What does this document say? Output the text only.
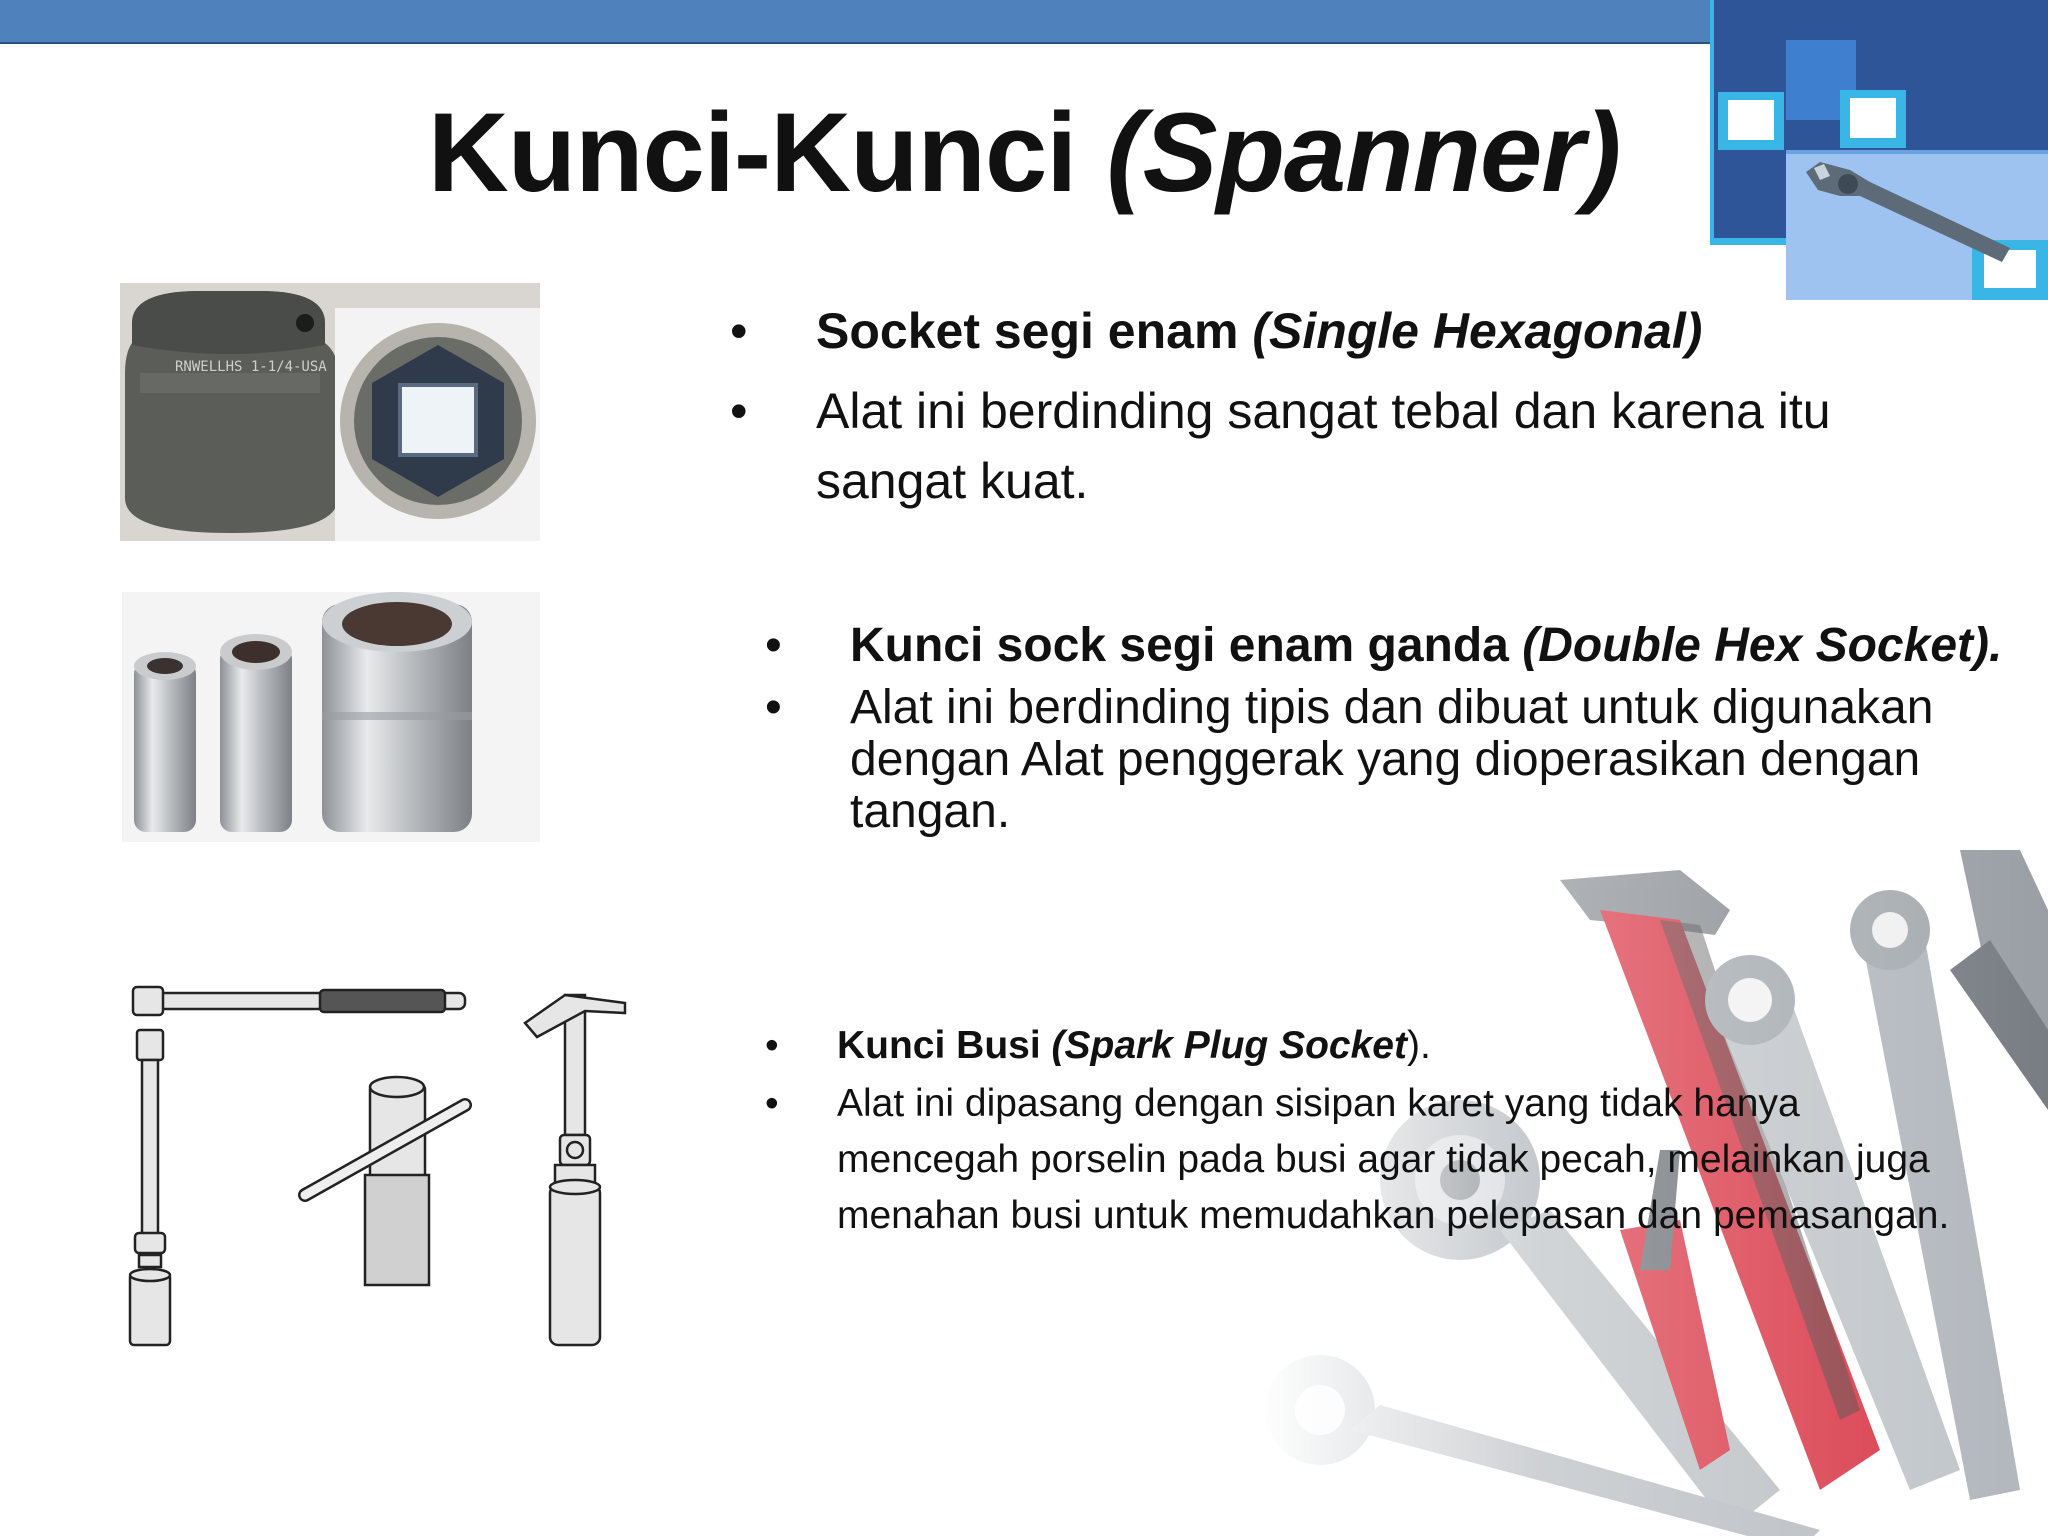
Kunci-Kunci (Spanner)
RNWELLHS 1-1/4-USA
•	Socket segi enam (Single Hexagonal)
•	Alat ini berdinding sangat tebal dan karena itu sangat kuat.
•	Kunci sock segi enam ganda (Double Hex Socket).
•	Alat ini berdinding tipis dan dibuat untuk digunakan dengan Alat penggerak yang dioperasikan dengan tangan.
•	Kunci Busi (Spark Plug Socket).
•	Alat ini dipasang dengan sisipan karet yang tidak hanya mencegah porselin pada busi agar tidak pecah, melainkan juga menahan busi untuk memudahkan pelepasan dan pemasangan.
